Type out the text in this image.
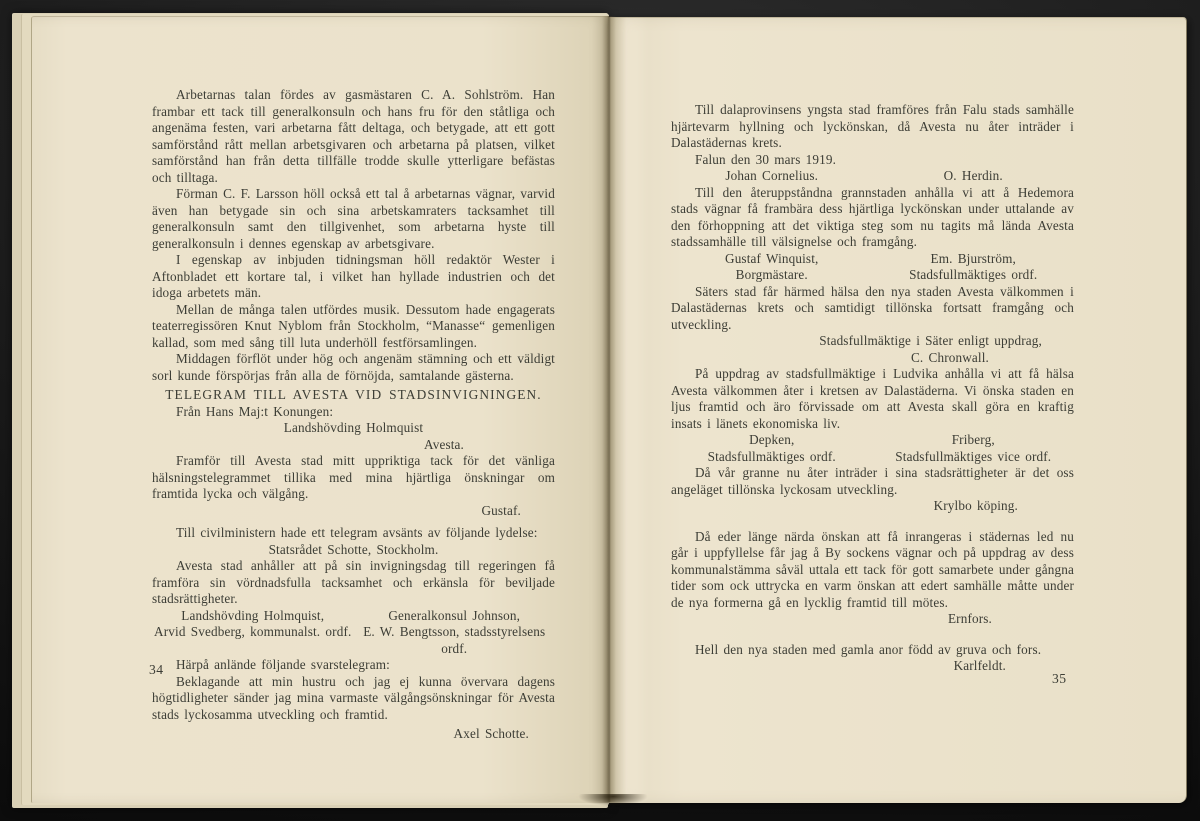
Arbetarnas talan fördes av gasmästaren C. A. Sohlström. Han frambar ett tack till generalkonsuln och hans fru för den ståtliga och angenäma festen, vari arbetarna fått deltaga, och betygade, att ett gott samförstånd rått mellan arbetsgivaren och arbetarna på platsen, vilket samförstånd han från detta tillfälle trodde skulle ytterligare befästas och tilltaga.

Förman C. F. Larsson höll också ett tal å arbetarnas vägnar, varvid även han betygade sin och sina arbetskamraters tacksamhet till generalkonsuln samt den tillgivenhet, som arbetarna hyste till generalkonsuln i dennes egenskap av arbetsgivare.

I egenskap av inbjuden tidningsman höll redaktör Wester i Aftonbladet ett kortare tal, i vilket han hyllade industrien och det idoga arbetets män.

Mellan de många talen utfördes musik. Dessutom hade engagerats teaterregissören Knut Nyblom från Stockholm, “Manasse“ gemenligen kallad, som med sång till luta underhöll festförsamlingen.

Middagen förflöt under hög och angenäm stämning och ett väldigt sorl kunde förspörjas från alla de förnöjda, samtalande gästerna.

TELEGRAM TILL AVESTA VID STADSINVIGNINGEN.
Från Hans Maj:t Konungen:
Landshövding Holmquist
Avesta.

Framför till Avesta stad mitt uppriktiga tack för det vänliga hälsningstelegrammet tillika med mina hjärtliga önskningar om framtida lycka och välgång.

Gustaf.
Till civilministern hade ett telegram avsänts av följande lydelse:
Statsrådet Schotte, Stockholm.

Avesta stad anhåller att på sin invigningsdag till regeringen få framföra sin vördnadsfulla tacksamhet och erkänsla för beviljade stadsrättigheter.

Landshövding Holmquist,
Arvid Svedberg, kommunalst. ordf.
Generalkonsul Johnson,
E. W. Bengtsson, stadsstyrelsens ordf.
Härpå anlände följande svarstelegram:

Beklagande att min hustru och jag ej kunna övervara dagens högtidligheter sänder jag mina varmaste välgångsönskningar för Avesta stads lyckosamma utveckling och framtid.

Axel Schotte.
34

Till dalaprovinsens yngsta stad framföres från Falu stads samhälle hjärtevarm hyllning och lyckönskan, då Avesta nu åter inträder i Dalastädernas krets.

Falun den 30 mars 1919.
Johan Cornelius.	O. Herdin.

Till den återuppståndna grannstaden anhålla vi att å Hedemora stads vägnar få frambära dess hjärtliga lyckönskan under uttalande av den förhoppning att det viktiga steg som nu tagits må lända Avesta stadssamhälle till välsignelse och framgång.

Gustaf Winquist,
Borgmästare.
Em. Bjurström,
Stadsfullmäktiges ordf.

Säters stad får härmed hälsa den nya staden Avesta välkommen i Dalastädernas krets och samtidigt tillönska fortsatt framgång och utveckling.

Stadsfullmäktige i Säter enligt uppdrag,
C. Chronwall.

På uppdrag av stadsfullmäktige i Ludvika anhålla vi att få hälsa Avesta välkommen åter i kretsen av Dalastäderna. Vi önska staden en ljus framtid och äro förvissade om att Avesta skall göra en kraftig insats i länets ekonomiska liv.

Depken,
Stadsfullmäktiges ordf.
Friberg,
Stadsfullmäktiges vice ordf.

Då vår granne nu åter inträder i sina stadsrättigheter är det oss angeläget tillönska lyckosam utveckling.

Krylbo köping.

Då eder länge närda önskan att få inrangeras i städernas led nu går i uppfyllelse får jag å By sockens vägnar och på uppdrag av dess kommunalstämma såväl uttala ett tack för gott samarbete under gångna tider som ock uttrycka en varm önskan att edert samhälle måtte under de nya formerna gå en lycklig framtid till mötes.

Ernfors.

Hell den nya staden med gamla anor född av gruva och fors.

Karlfeldt.
35
